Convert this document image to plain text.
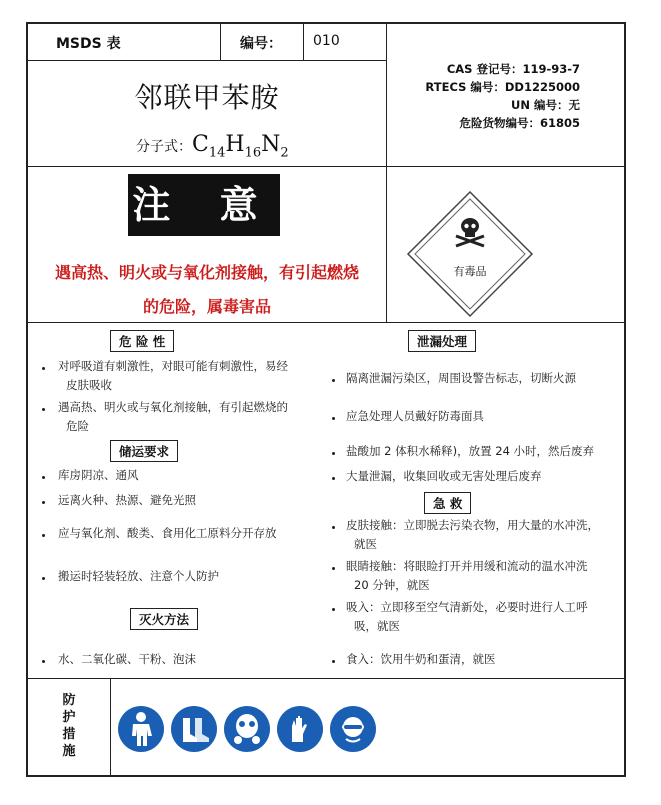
MSDS 表	编号： 010
邻联甲苯胺
分子式：$C_{14}H_{16}N_2$
CAS 登记号：119-93-7
RTECS 编号：DD1225000
UN 编号：无
危险货物编号：61805
注 意
遇高热、明火或与氧化剂接触，有引起燃烧
的危险，属毒害品
有毒品
危 险 性
对呼吸道有刺激性，对眼可能有刺激性，易经
皮肤吸收
遇高热、明火或与氧化剂接触，有引起燃烧的
危险
储运要求
库房阴凉、通风
远离火种、热源、避免光照
应与氧化剂、酸类、食用化工原料分开存放
搬运时轻装轻放、注意个人防护
灭火方法
水、二氧化碳、干粉、泡沫
泄漏处理
隔离泄漏污染区，周围设警告标志，切断火源
应急处理人员戴好防毒面具
盐酸加 2 体积水稀释)，放置 24 小时，然后废弃
大量泄漏，收集回收或无害处理后废弃
急 救
皮肤接触：立即脱去污染衣物，用大量的水冲洗，
就医
眼睛接触：将眼睑打开并用缓和流动的温水冲洗
20 分钟，就医
吸入：立即移至空气清新处，必要时进行人工呼
吸，就医
食入：饮用牛奶和蛋清，就医
防
护
措
施
